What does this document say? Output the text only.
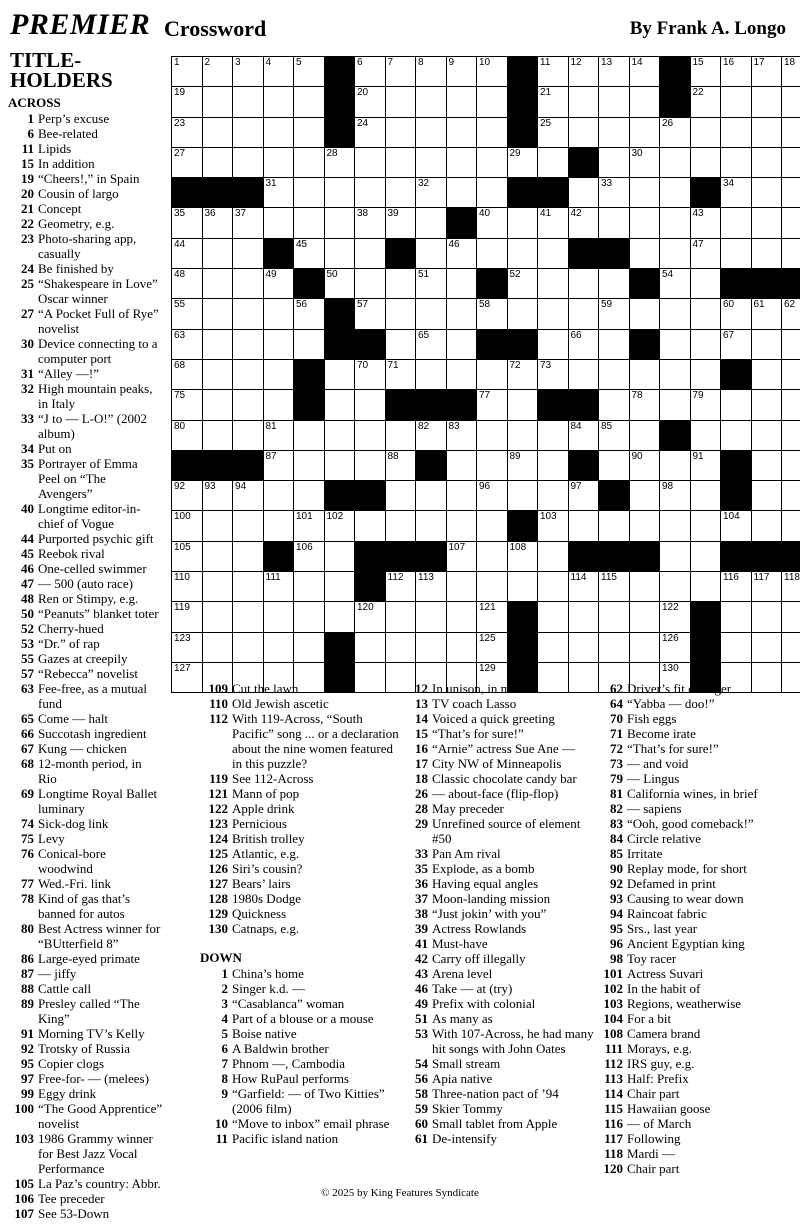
PREMIER Crossword	By Frank A. Longo
TITLE-
HOLDERS
1 2 3 4 5	6 7 8 9 10	11 12 13 14	15 16 17 18
19	20	21	22
23	24	25	26
27	28	29	30
31	32	33	34
35 36 37	38 39	40	41 42	43
44	45	46	47
48	49	50	51	52	54
55	56	57	58	59	60 61 62
63	65	66	67
68	70 71	72 73
75	77	78	79
80	81	82 83	84 85
87	88	89	90	91
92 93 94	96	97	98
100	101 102	103	104
105	106	107	108
110	111	112 113	114 115	116 117 118
119	120	121	122
123	125	126
127	129	130
ACROSS
1 Perp’s excuse
6 Bee-related
11 Lipids
15 In addition
19 “Cheers!,” in Spain
20 Cousin of largo
21 Concept
22 Geometry, e.g.
23 Photo-sharing app, casually
24 Be finished by
25 “Shakespeare in Love” Oscar winner
27 “A Pocket Full of Rye” novelist
30 Device connecting to a computer port
31 “Alley —!”
32 High mountain peaks, in Italy
33 “J to — L-O!” (2002 album)
34 Put on
35 Portrayer of Emma Peel on “The Avengers”
40 Longtime editor-in-chief of Vogue
44 Purported psychic gift
45 Reebok rival
46 One-celled swimmer
47 — 500 (auto race)
48 Ren or Stimpy, e.g.
50 “Peanuts” blanket toter
52 Cherry-hued
53 “Dr.” of rap
55 Gazes at creepily
57 “Rebecca” novelist
63 Fee-free, as a mutual fund
65 Come — halt
66 Succotash ingredient
67 Kung — chicken
68 12-month period, in Rio
69 Longtime Royal Ballet luminary
74 Sick-dog link
75 Levy
76 Conical-bore woodwind
77 Wed.-Fri. link
78 Kind of gas that’s banned for autos
80 Best Actress winner for “BUtterfield 8”
86 Large-eyed primate
87 — jiffy
88 Cattle call
89 Presley called “The King”
91 Morning TV’s Kelly
92 Trotsky of Russia
95 Copier clogs
97 Free-for- — (melees)
99 Eggy drink
100 “The Good Apprentice” novelist
103 1986 Grammy winner for Best Jazz Vocal Performance
105 La Paz’s country: Abbr.
106 Tee preceder
107 See 53-Down
109 Cut the lawn
110 Old Jewish ascetic
112 With 119-Across, “South Pacific” song ... or a declaration about the nine women featured in this puzzle?
119 See 112-Across
121 Mann of pop
122 Apple drink
123 Pernicious
124 British trolley
125 Atlantic, e.g.
126 Siri’s cousin?
127 Bears’ lairs
128 1980s Dodge
129 Quickness
130 Catnaps, e.g.
DOWN
1 China’s home
2 Singer k.d. —
3 “Casablanca” woman
4 Part of a blouse or a mouse
5 Boise native
6 A Baldwin brother
7 Phnom —, Cambodia
8 How RuPaul performs
9 “Garfield: — of Two Kitties” (2006 film)
10 “Move to inbox” email phrase
11 Pacific island nation
12 In unison, in music
13 TV coach Lasso
14 Voiced a quick greeting
15 “That’s for sure!”
16 “Arnie” actress Sue Ane —
17 City NW of Minneapolis
18 Classic chocolate candy bar
26 — about-face (flip-flop)
28 May preceder
29 Unrefined source of element #50
33 Pan Am rival
35 Explode, as a bomb
36 Having equal angles
37 Moon-landing mission
38 “Just jokin’ with you”
39 Actress Rowlands
41 Must-have
42 Carry off illegally
43 Arena level
46 Take — at (try)
49 Prefix with colonial
51 As many as
53 With 107-Across, he had many hit songs with John Oates
54 Small stream
56 Apia native
58 Three-nation pact of ’94
59 Skier Tommy
60 Small tablet from Apple
61 De-intensify
62 Driver’s fit of anger
64 “Yabba — doo!”
70 Fish eggs
71 Become irate
72 “That’s for sure!”
73 — and void
79 — Lingus
81 California wines, in brief
82 — sapiens
83 “Ooh, good comeback!”
84 Circle relative
85 Irritate
90 Replay mode, for short
92 Defamed in print
93 Causing to wear down
94 Raincoat fabric
95 Srs., last year
96 Ancient Egyptian king
98 Toy racer
101 Actress Suvari
102 In the habit of
103 Regions, weatherwise
104 For a bit
108 Camera brand
111 Morays, e.g.
112 IRS guy, e.g.
113 Half: Prefix
114 Chair part
115 Hawaiian goose
116 — of March
117 Following
118 Mardi —
120 Chair part
© 2025 by King Features Syndicate
